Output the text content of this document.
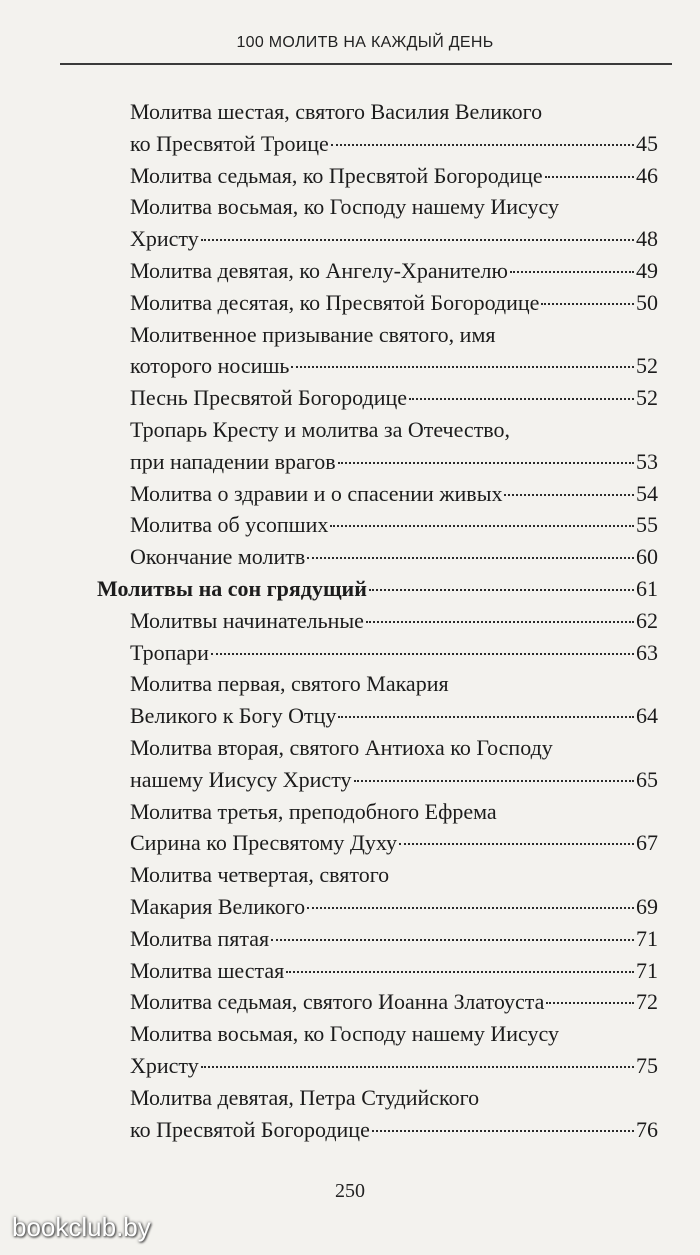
100 МОЛИТВ НА КАЖДЫЙ ДЕНЬ
Молитва шестая, святого Василия Великого
ко Пресвятой Троице	45
Молитва седьмая, ко Пресвятой Богородице	46
Молитва восьмая, ко Господу нашему Иисусу
Христу	48
Молитва девятая, ко Ангелу-Хранителю	49
Молитва десятая, ко Пресвятой Богородице	50
Молитвенное призывание святого, имя
которого носишь	52
Песнь Пресвятой Богородице	52
Тропарь Кресту и молитва за Отечество,
при нападении врагов	53
Молитва о здравии и о спасении живых	54
Молитва об усопших	55
Окончание молитв	60
Молитвы на сон грядущий	61
Молитвы начинательные	62
Тропари	63
Молитва первая, святого Макария
Великого к Богу Отцу	64
Молитва вторая, святого Антиоха ко Господу
нашему Иисусу Христу	65
Молитва третья, преподобного Ефрема
Сирина ко Пресвятому Духу	67
Молитва четвертая, святого
Макария Великого	69
Молитва пятая	71
Молитва шестая	71
Молитва седьмая, святого Иоанна Златоуста	72
Молитва восьмая, ко Господу нашему Иисусу
Христу	75
Молитва девятая, Петра Студийского
ко Пресвятой Богородице	76
250
bookclub.by
